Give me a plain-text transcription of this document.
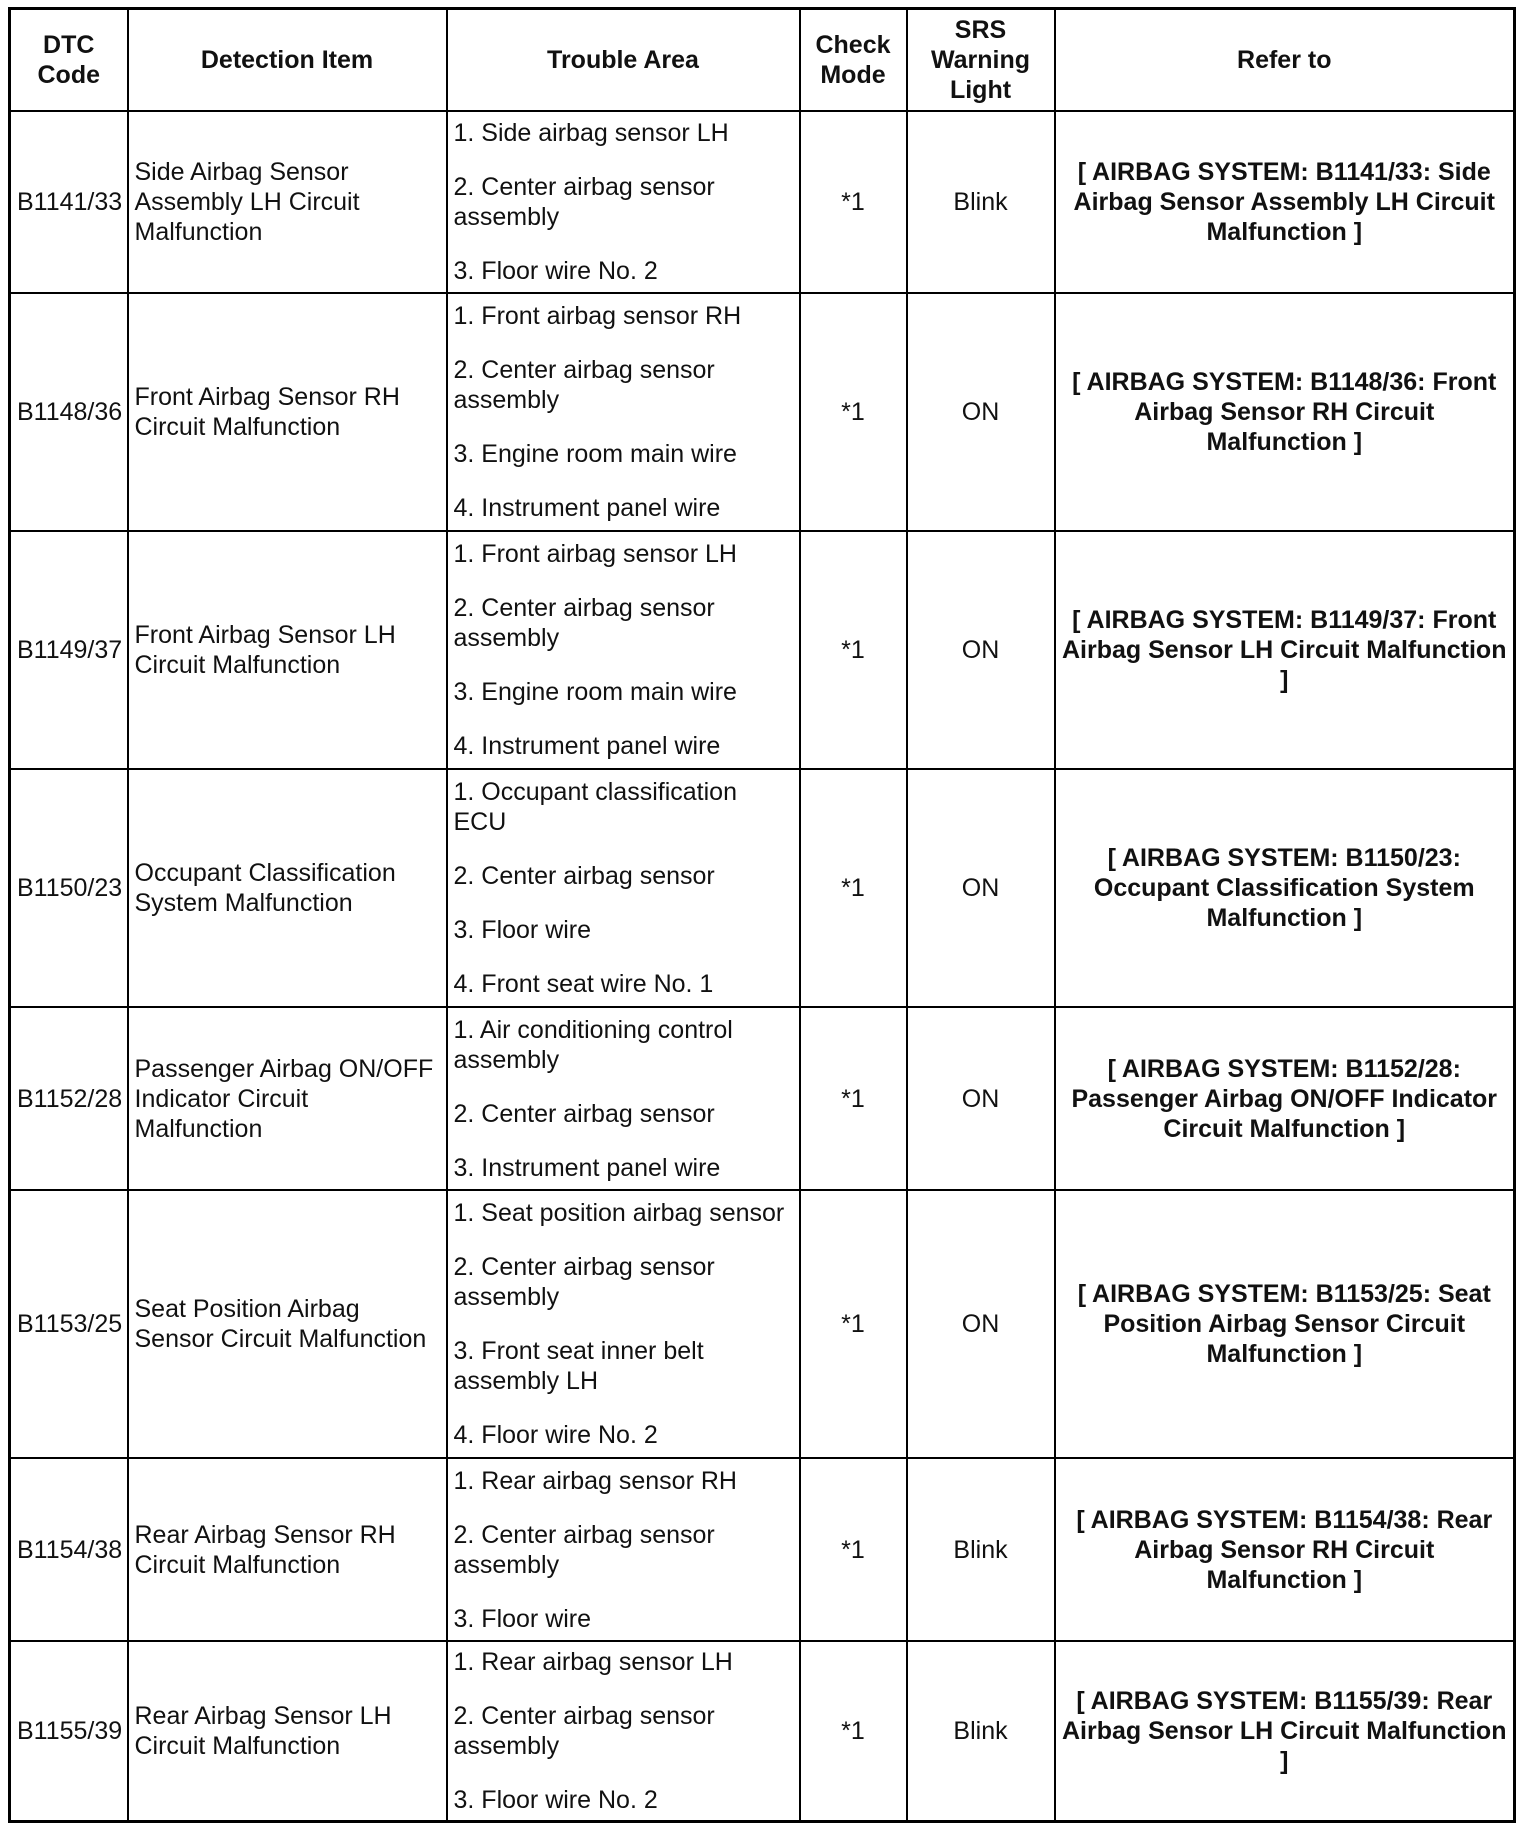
DTC Code	Detection Item	Trouble Area	Check Mode	SRS Warning Light	Refer to
B1141/33	Side Airbag Sensor Assembly LH Circuit Malfunction	1. Side airbag sensor LH
2. Center airbag sensor assembly
3. Floor wire No. 2	*1	Blink	[ AIRBAG SYSTEM: B1141/33: Side Airbag Sensor Assembly LH Circuit Malfunction ]
B1148/36	Front Airbag Sensor RH Circuit Malfunction	1. Front airbag sensor RH
2. Center airbag sensor assembly
3. Engine room main wire
4. Instrument panel wire	*1	ON	[ AIRBAG SYSTEM: B1148/36: Front Airbag Sensor RH Circuit Malfunction ]
B1149/37	Front Airbag Sensor LH Circuit Malfunction	1. Front airbag sensor LH
2. Center airbag sensor assembly
3. Engine room main wire
4. Instrument panel wire	*1	ON	[ AIRBAG SYSTEM: B1149/37: Front Airbag Sensor LH Circuit Malfunction ]
B1150/23	Occupant Classification System Malfunction	1. Occupant classification ECU
2. Center airbag sensor
3. Floor wire
4. Front seat wire No. 1	*1	ON	[ AIRBAG SYSTEM: B1150/23: Occupant Classification System Malfunction ]
B1152/28	Passenger Airbag ON/OFF Indicator Circuit Malfunction	1. Air conditioning control assembly
2. Center airbag sensor
3. Instrument panel wire	*1	ON	[ AIRBAG SYSTEM: B1152/28: Passenger Airbag ON/OFF Indicator Circuit Malfunction ]
B1153/25	Seat Position Airbag Sensor Circuit Malfunction	1. Seat position airbag sensor
2. Center airbag sensor assembly
3. Front seat inner belt assembly LH
4. Floor wire No. 2	*1	ON	[ AIRBAG SYSTEM: B1153/25: Seat Position Airbag Sensor Circuit Malfunction ]
B1154/38	Rear Airbag Sensor RH Circuit Malfunction	1. Rear airbag sensor RH
2. Center airbag sensor assembly
3. Floor wire	*1	Blink	[ AIRBAG SYSTEM: B1154/38: Rear Airbag Sensor RH Circuit Malfunction ]
B1155/39	Rear Airbag Sensor LH Circuit Malfunction	1. Rear airbag sensor LH
2. Center airbag sensor assembly
3. Floor wire No. 2	*1	Blink	[ AIRBAG SYSTEM: B1155/39: Rear Airbag Sensor LH Circuit Malfunction ]
